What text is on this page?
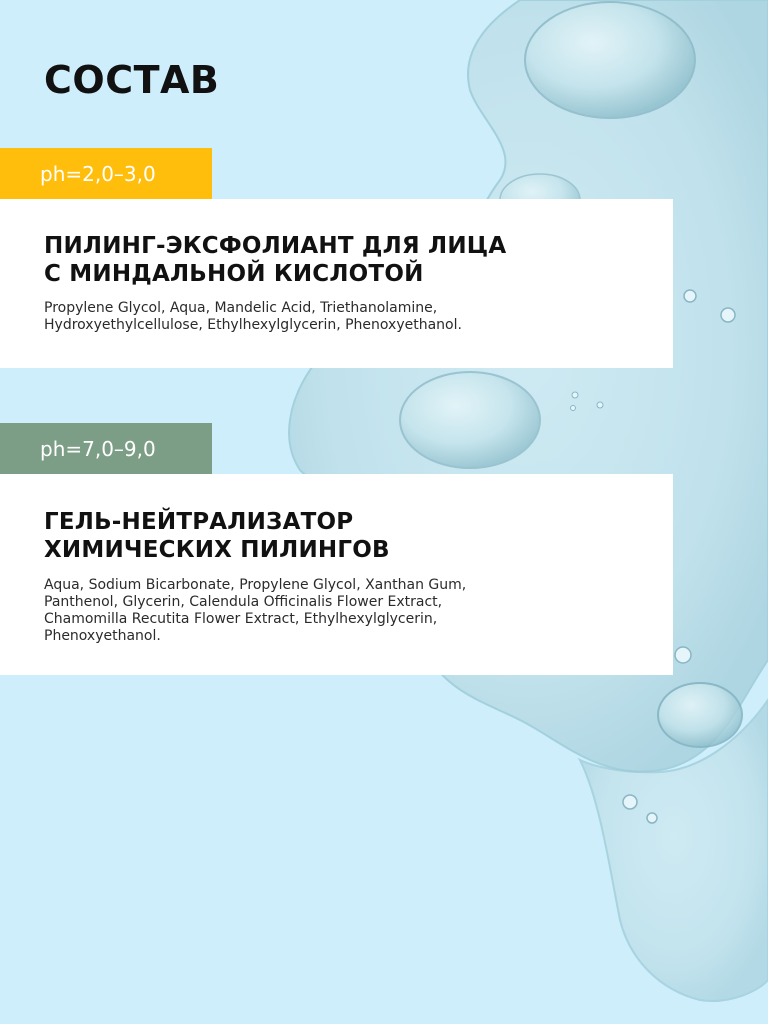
СОСТАВ
ph=2,0–3,0
ПИЛИНГ-ЭКСФОЛИАНТ ДЛЯ ЛИЦА
С МИНДАЛЬНОЙ КИСЛОТОЙ

Propylene Glycol, Aqua, Mandelic Acid, Triethanolamine,
Hydroxyethylcellulose, Ethylhexylglycerin, Phenoxyethanol.

ph=7,0–9,0
ГЕЛЬ-НЕЙТРАЛИЗАТОР
ХИМИЧЕСКИХ ПИЛИНГОВ

Aqua, Sodium Bicarbonate, Propylene Glycol, Xanthan Gum,
Panthenol, Glycerin, Calendula Officinalis Flower Extract,
Chamomilla Recutita Flower Extract, Ethylhexylglycerin,
Phenoxyethanol.
